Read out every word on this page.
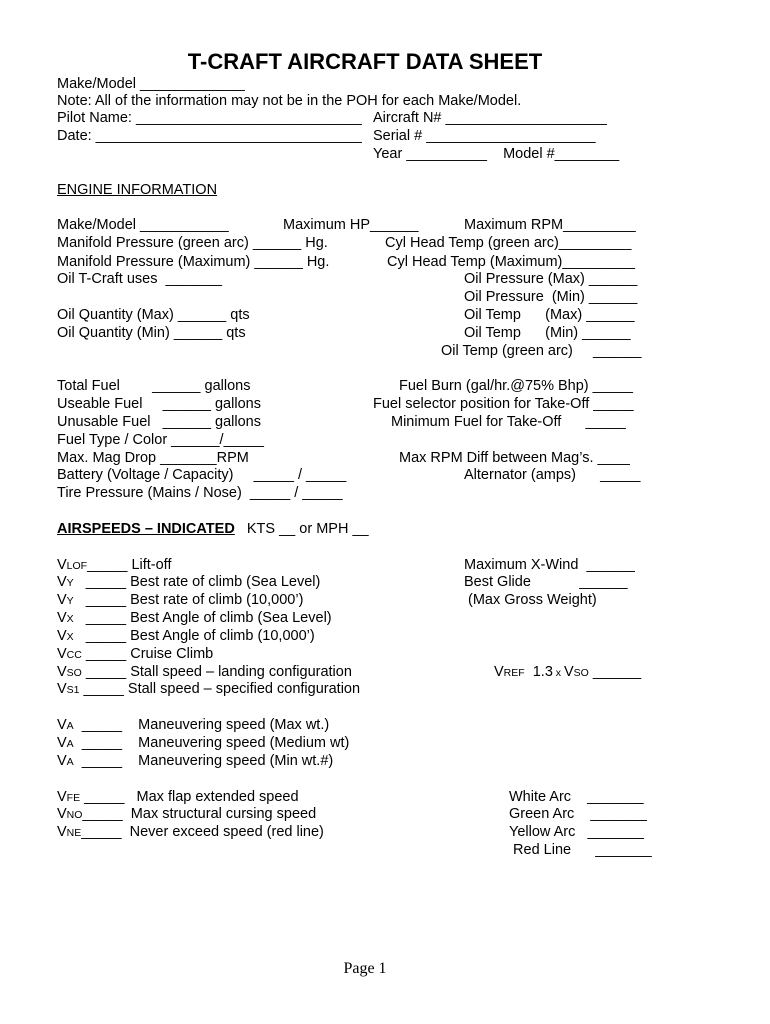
T-CRAFT AIRCRAFT DATA SHEET
Make/Model _____________
Note: All of the information may not be in the POH for each Make/Model.
Pilot Name: ____________________________ Aircraft N# ____________________
Date: _________________________________ Serial # _____________________
Year __________    Model #________
ENGINE INFORMATION
Make/Model ___________
Manifold Pressure (green arc) ______ Hg.
Manifold Pressure (Maximum) ______ Hg.
Oil T-Craft uses  _______
Oil Quantity (Max) ______ qts
Oil Quantity (Min) ______ qts
Maximum HP______	Maximum RPM_________
Cyl Head Temp (green arc)_________
Cyl Head Temp (Maximum)_________
Oil Pressure (Max) ______
Oil Pressure  (Min) ______
Oil Temp      (Max) ______
Oil Temp      (Min) ______
Oil Temp (green arc)     ______
Total Fuel        ______ gallons
Useable Fuel     ______ gallons
Unusable Fuel   ______ gallons
Fuel Type / Color ______/_____
Max. Mag Drop _______RPM
Battery (Voltage / Capacity)     _____ / _____
Tire Pressure (Mains / Nose)  _____ / _____
Fuel Burn (gal/hr.@75% Bhp) _____
Fuel selector position for Take-Off _____
Minimum Fuel for Take-Off      _____
Max RPM Diff between Mag’s. ____
Alternator (amps)      _____
AIRSPEEDS – INDICATED KTS __ or MPH __
VLOF_____ Lift-off
VY   _____ Best rate of climb (Sea Level)
VY   _____ Best rate of climb (10,000’)
VX   _____ Best Angle of climb (Sea Level)
VX   _____ Best Angle of climb (10,000’)
VCC _____ Cruise Climb
VSO _____ Stall speed – landing configuration
VS1 _____ Stall speed – specified configuration
Maximum X-Wind  ______
Best Glide            ______
(Max Gross Weight)
VREF  1.3 x VSO ______
VA  _____    Maneuvering speed (Max wt.)
VA  _____    Maneuvering speed (Medium wt)
VA  _____    Maneuvering speed (Min wt.#)
VFE _____   Max flap extended speed
VNO_____  Max structural cursing speed
VNE_____  Never exceed speed (red line)
White Arc    _______
Green Arc    _______
Yellow Arc   _______
Red Line      _______
Page 1
